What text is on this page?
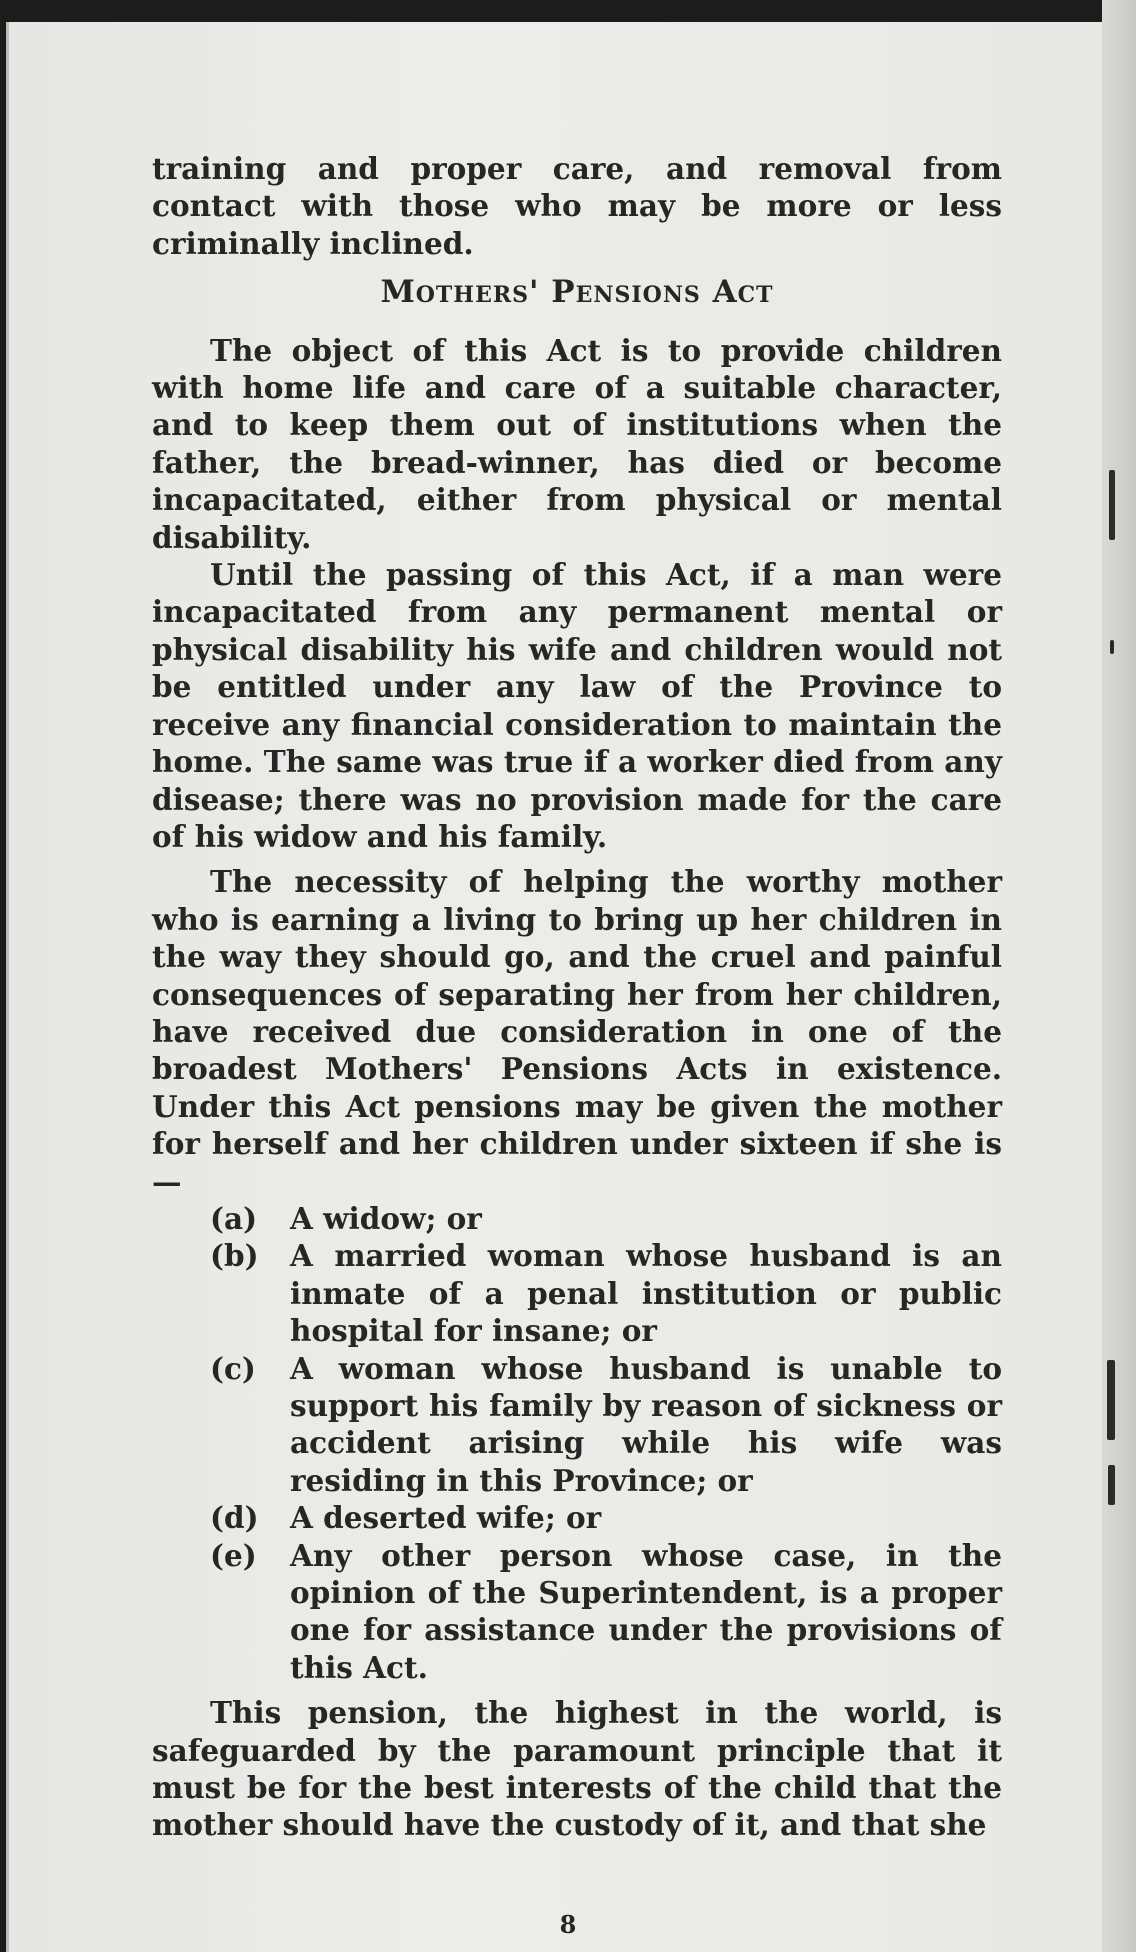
training and proper care, and removal from contact with those who may be more or less criminally inclined.

Mothers' Pensions Act

The object of this Act is to provide children with home life and care of a suitable character, and to keep them out of institutions when the father, the bread-winner, has died or become incapacitated, either from physical or mental disability.

Until the passing of this Act, if a man were incapacitated from any permanent mental or physical disability his wife and children would not be entitled under any law of the Province to receive any financial consideration to maintain the home. The same was true if a worker died from any disease; there was no provision made for the care of his widow and his family.

The necessity of helping the worthy mother who is earning a living to bring up her children in the way they should go, and the cruel and painful consequences of separating her from her children, have received due consideration in one of the broadest Mothers' Pensions Acts in existence. Under this Act pensions may be given the mother for herself and her children under sixteen if she is—

(a)	A widow; or
(b)	A married woman whose husband is an inmate of a penal institution or public hospital for insane; or
(c)	A woman whose husband is unable to support his family by reason of sickness or accident arising while his wife was residing in this Province; or
(d)	A deserted wife; or
(e)	Any other person whose case, in the opinion of the Superintendent, is a proper one for assistance under the provisions of this Act.

This pension, the highest in the world, is safeguarded by the paramount principle that it must be for the best interests of the child that the mother should have the custody of it, and that she

8
